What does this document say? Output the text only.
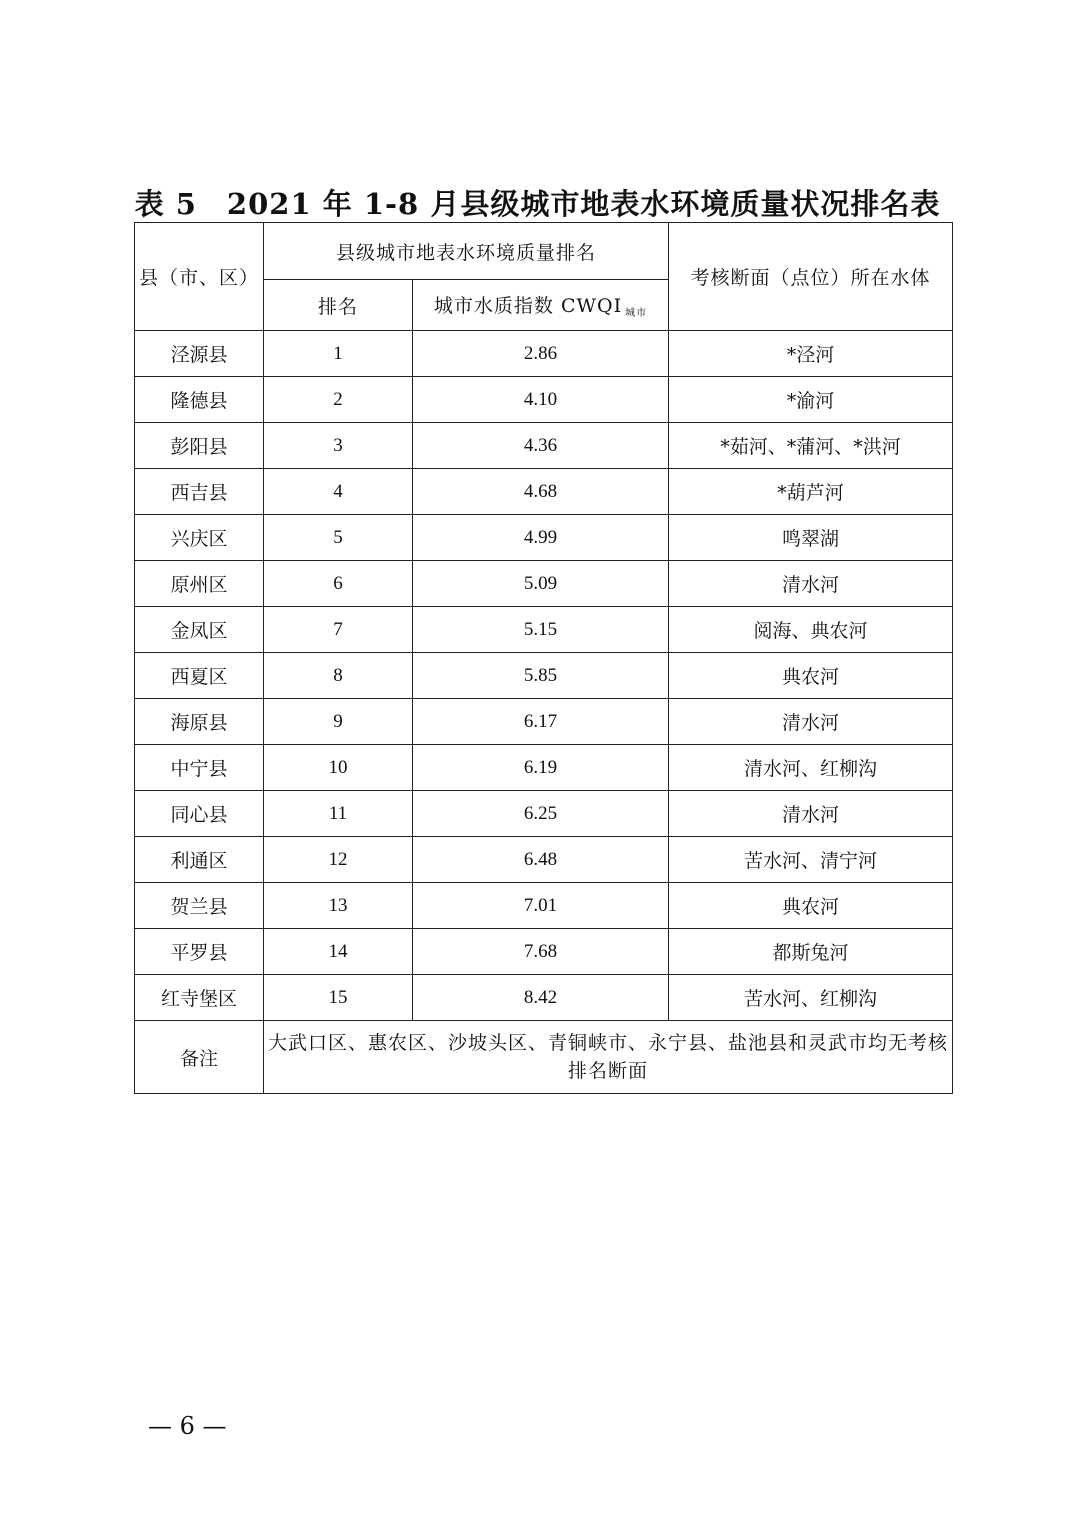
表 5　2021 年 1-8 月县级城市地表水环境质量状况排名表
县（市、区）	县级城市地表水环境质量排名		考核断面（点位）所在水体
	排名	城市水质指数 CWQI $_{城市}$
泾源县	1	2.86	*泾河
隆德县	2	4.10	*渝河
彭阳县	3	4.36	*茹河、*蒲河、*洪河
西吉县	4	4.68	*葫芦河
兴庆区	5	4.99	鸣翠湖
原州区	6	5.09	清水河
金凤区	7	5.15	阅海、典农河
西夏区	8	5.85	典农河
海原县	9	6.17	清水河
中宁县	10	6.19	清水河、红柳沟
同心县	11	6.25	清水河
利通区	12	6.48	苦水河、清宁河
贺兰县	13	7.01	典农河
平罗县	14	7.68	都斯兔河
红寺堡区	15	8.42	苦水河、红柳沟
备注	大武口区、惠农区、沙坡头区、青铜峡市、永宁县、盐池县和灵武市均无考核
排名断面		
— 6 —
